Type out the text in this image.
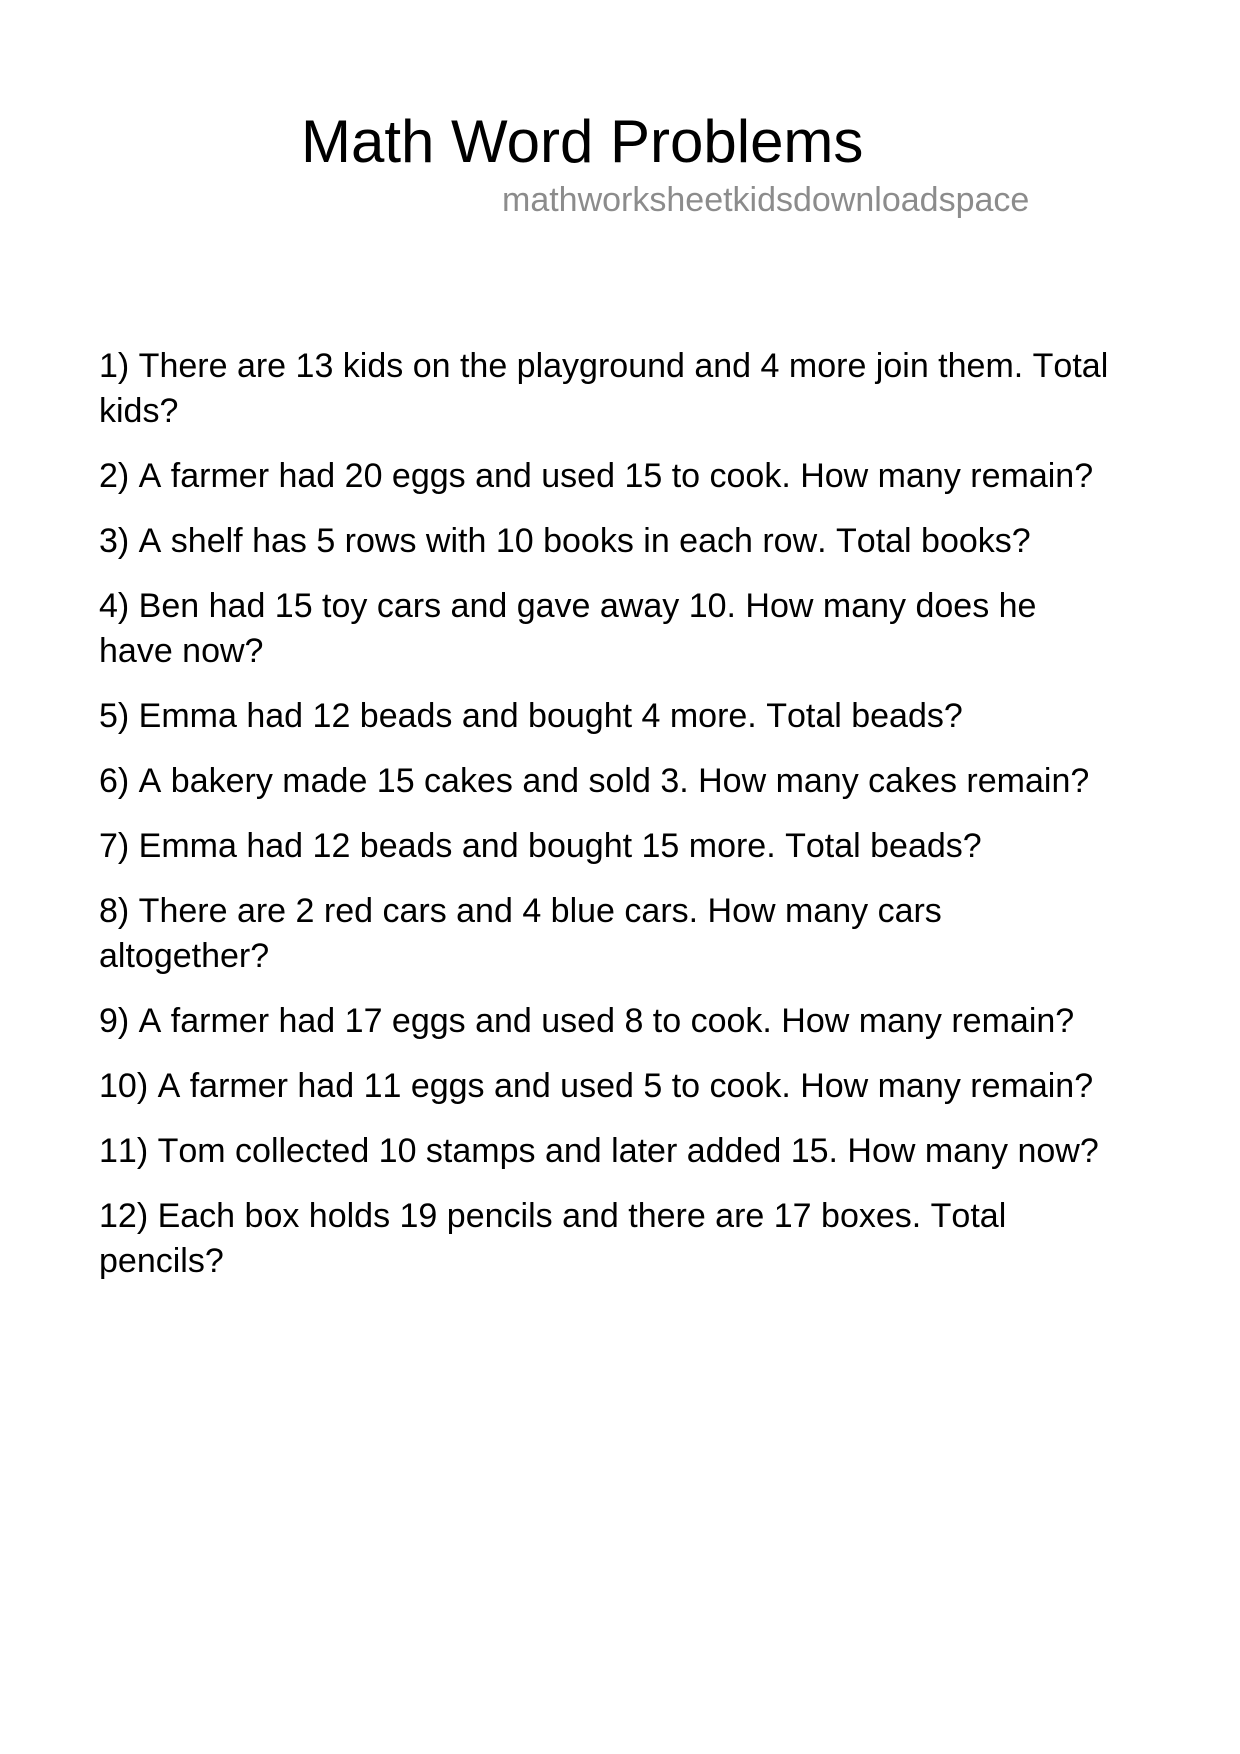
Math Word Problems
mathworksheetkidsdownloadspace

1) There are 13 kids on the playground and 4 more join them. Total kids?

2) A farmer had 20 eggs and used 15 to cook. How many remain?

3) A shelf has 5 rows with 10 books in each row. Total books?

4) Ben had 15 toy cars and gave away 10. How many does he have now?

5) Emma had 12 beads and bought 4 more. Total beads?

6) A bakery made 15 cakes and sold 3. How many cakes remain?

7) Emma had 12 beads and bought 15 more. Total beads?

8) There are 2 red cars and 4 blue cars. How many cars altogether?

9) A farmer had 17 eggs and used 8 to cook. How many remain?

10) A farmer had 11 eggs and used 5 to cook. How many remain?

11) Tom collected 10 stamps and later added 15. How many now?

12) Each box holds 19 pencils and there are 17 boxes. Total pencils?
